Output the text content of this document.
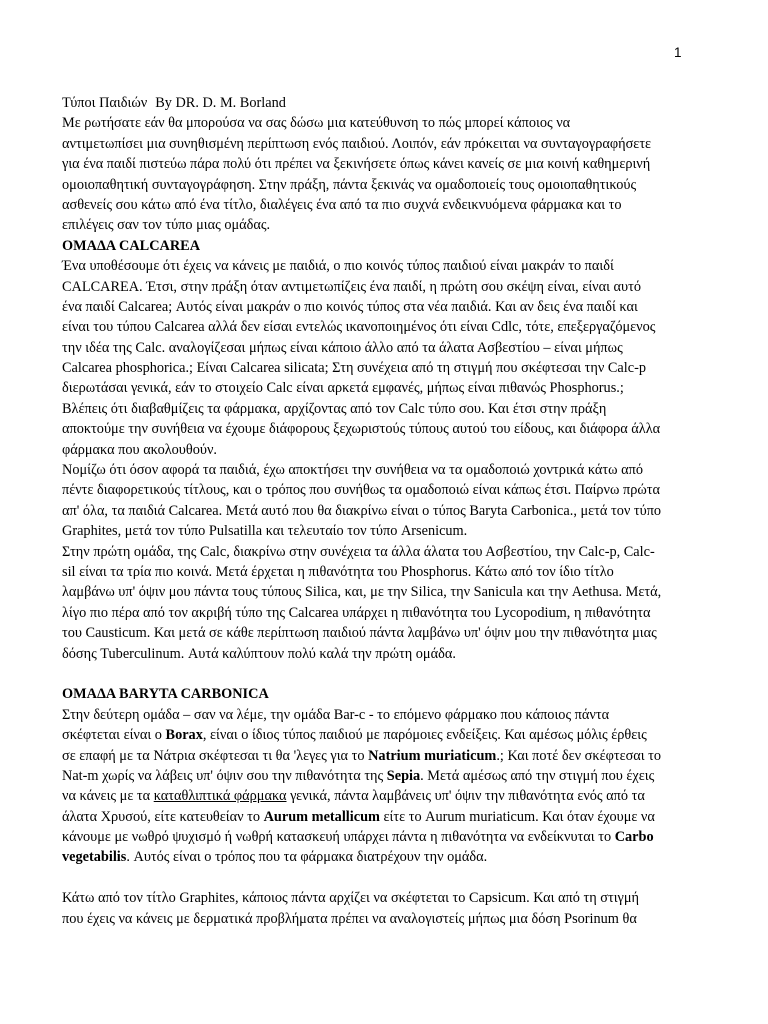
1
Τύποι Παιδιών By DR. D. M. Borland
Με ρωτήσατε εάν θα μπορούσα να σας δώσω μια κατεύθυνση το πώς μπορεί κάποιος να
αντιμετωπίσει μια συνηθισμένη περίπτωση ενός παιδιού. Λοιπόν, εάν πρόκειται να συνταγογραφήσετε
για ένα παιδί πιστεύω πάρα πολύ ότι πρέπει να ξεκινήσετε όπως κάνει κανείς σε μια κοινή καθημερινή
ομοιοπαθητική συνταγογράφηση. Στην πράξη, πάντα ξεκινάς να ομαδοποιείς τους ομοιοπαθητικούς
ασθενείς σου κάτω από ένα τίτλο, διαλέγεις ένα από τα πιο συχνά ενδεικνυόμενα φάρμακα και το
επιλέγεις σαν τον τύπο μιας ομάδας.
ΟΜΑΔΑ CALCAREA
Ένα υποθέσουμε ότι έχεις να κάνεις με παιδιά, ο πιο κοινός τύπος παιδιού είναι μακράν το παιδί
CALCAREA. Έτσι, στην πράξη όταν αντιμετωπίζεις ένα παιδί, η πρώτη σου σκέψη είναι, είναι αυτό
ένα παιδί Calcarea; Αυτός είναι μακράν ο πιο κοινός τύπος στα νέα παιδιά. Και αν δεις ένα παιδί και
είναι του τύπου Calcarea αλλά δεν είσαι εντελώς ικανοποιημένος ότι είναι Cdlc, τότε, επεξεργαζόμενος
την ιδέα της Calc. αναλογίζεσαι μήπως είναι κάποιο άλλο από τα άλατα Ασβεστίου – είναι μήπως
Calcarea phosphorica.; Είναι Calcarea silicata; Στη συνέχεια από τη στιγμή που σκέφτεσαι την Calc-p
διερωτάσαι γενικά, εάν το στοιχείο Calc είναι αρκετά εμφανές, μήπως είναι πιθανώς Phosphorus.;
Βλέπεις ότι διαβαθμίζεις τα φάρμακα, αρχίζοντας από τον Calc τύπο σου. Και έτσι στην πράξη
αποκτούμε την συνήθεια να έχουμε διάφορους ξεχωριστούς τύπους αυτού του είδους, και διάφορα άλλα
φάρμακα που ακολουθούν.
Νομίζω ότι όσον αφορά τα παιδιά, έχω αποκτήσει την συνήθεια να τα ομαδοποιώ χοντρικά κάτω από
πέντε διαφορετικούς τίτλους, και ο τρόπος που συνήθως τα ομαδοποιώ είναι κάπως έτσι. Παίρνω πρώτα
απ' όλα, τα παιδιά Calcarea. Μετά αυτό που θα διακρίνω είναι ο τύπος Baryta Carbonica., μετά τον τύπο
Graphites, μετά τον τύπο Pulsatilla και τελευταίο τον τύπο Arsenicum.
Στην πρώτη ομάδα, της Calc, διακρίνω στην συνέχεια τα άλλα άλατα του Ασβεστίου, την Calc-p, Calc-
sil είναι τα τρία πιο κοινά. Μετά έρχεται η πιθανότητα του Phosphorus. Κάτω από τον ίδιο τίτλο
λαμβάνω υπ' όψιν μου πάντα τους τύπους Silica, και, με την Silica, την Sanicula και την Aethusa. Μετά,
λίγο πιο πέρα από τον ακριβή τύπο της Calcarea υπάρχει η πιθανότητα του Lycopodium, η πιθανότητα
του Causticum. Και μετά σε κάθε περίπτωση παιδιού πάντα λαμβάνω υπ' όψιν μου την πιθανότητα μιας
δόσης Tuberculinum. Αυτά καλύπτουν πολύ καλά την πρώτη ομάδα.
ΟΜΑΔΑ BARYTA CARBONICA
Στην δεύτερη ομάδα – σαν να λέμε, την ομάδα Bar-c - το επόμενο φάρμακο που κάποιος πάντα
σκέφτεται είναι ο Borax, είναι ο ίδιος τύπος παιδιού με παρόμοιες ενδείξεις. Και αμέσως μόλις έρθεις
σε επαφή με τα Νάτρια σκέφτεσαι τι θα 'λεγες για το Natrium muriaticum.; Και ποτέ δεν σκέφτεσαι το
Nat-m χωρίς να λάβεις υπ' όψιν σου την πιθανότητα της Sepia. Μετά αμέσως από την στιγμή που έχεις
να κάνεις με τα καταθλιπτικά φάρμακα γενικά, πάντα λαμβάνεις υπ' όψιν την πιθανότητα ενός από τα
άλατα Χρυσού, είτε κατευθείαν το Aurum metallicum είτε το Aurum muriaticum. Και όταν έχουμε να
κάνουμε με νωθρό ψυχισμό ή νωθρή κατασκευή υπάρχει πάντα η πιθανότητα να ενδείκνυται το Carbo
vegetabilis. Αυτός είναι ο τρόπος που τα φάρμακα διατρέχουν την ομάδα.
Κάτω από τον τίτλο Graphites, κάποιος πάντα αρχίζει να σκέφτεται το Capsicum. Και από τη στιγμή
που έχεις να κάνεις με δερματικά προβλήματα πρέπει να αναλογιστείς μήπως μια δόση Psorinum θα
